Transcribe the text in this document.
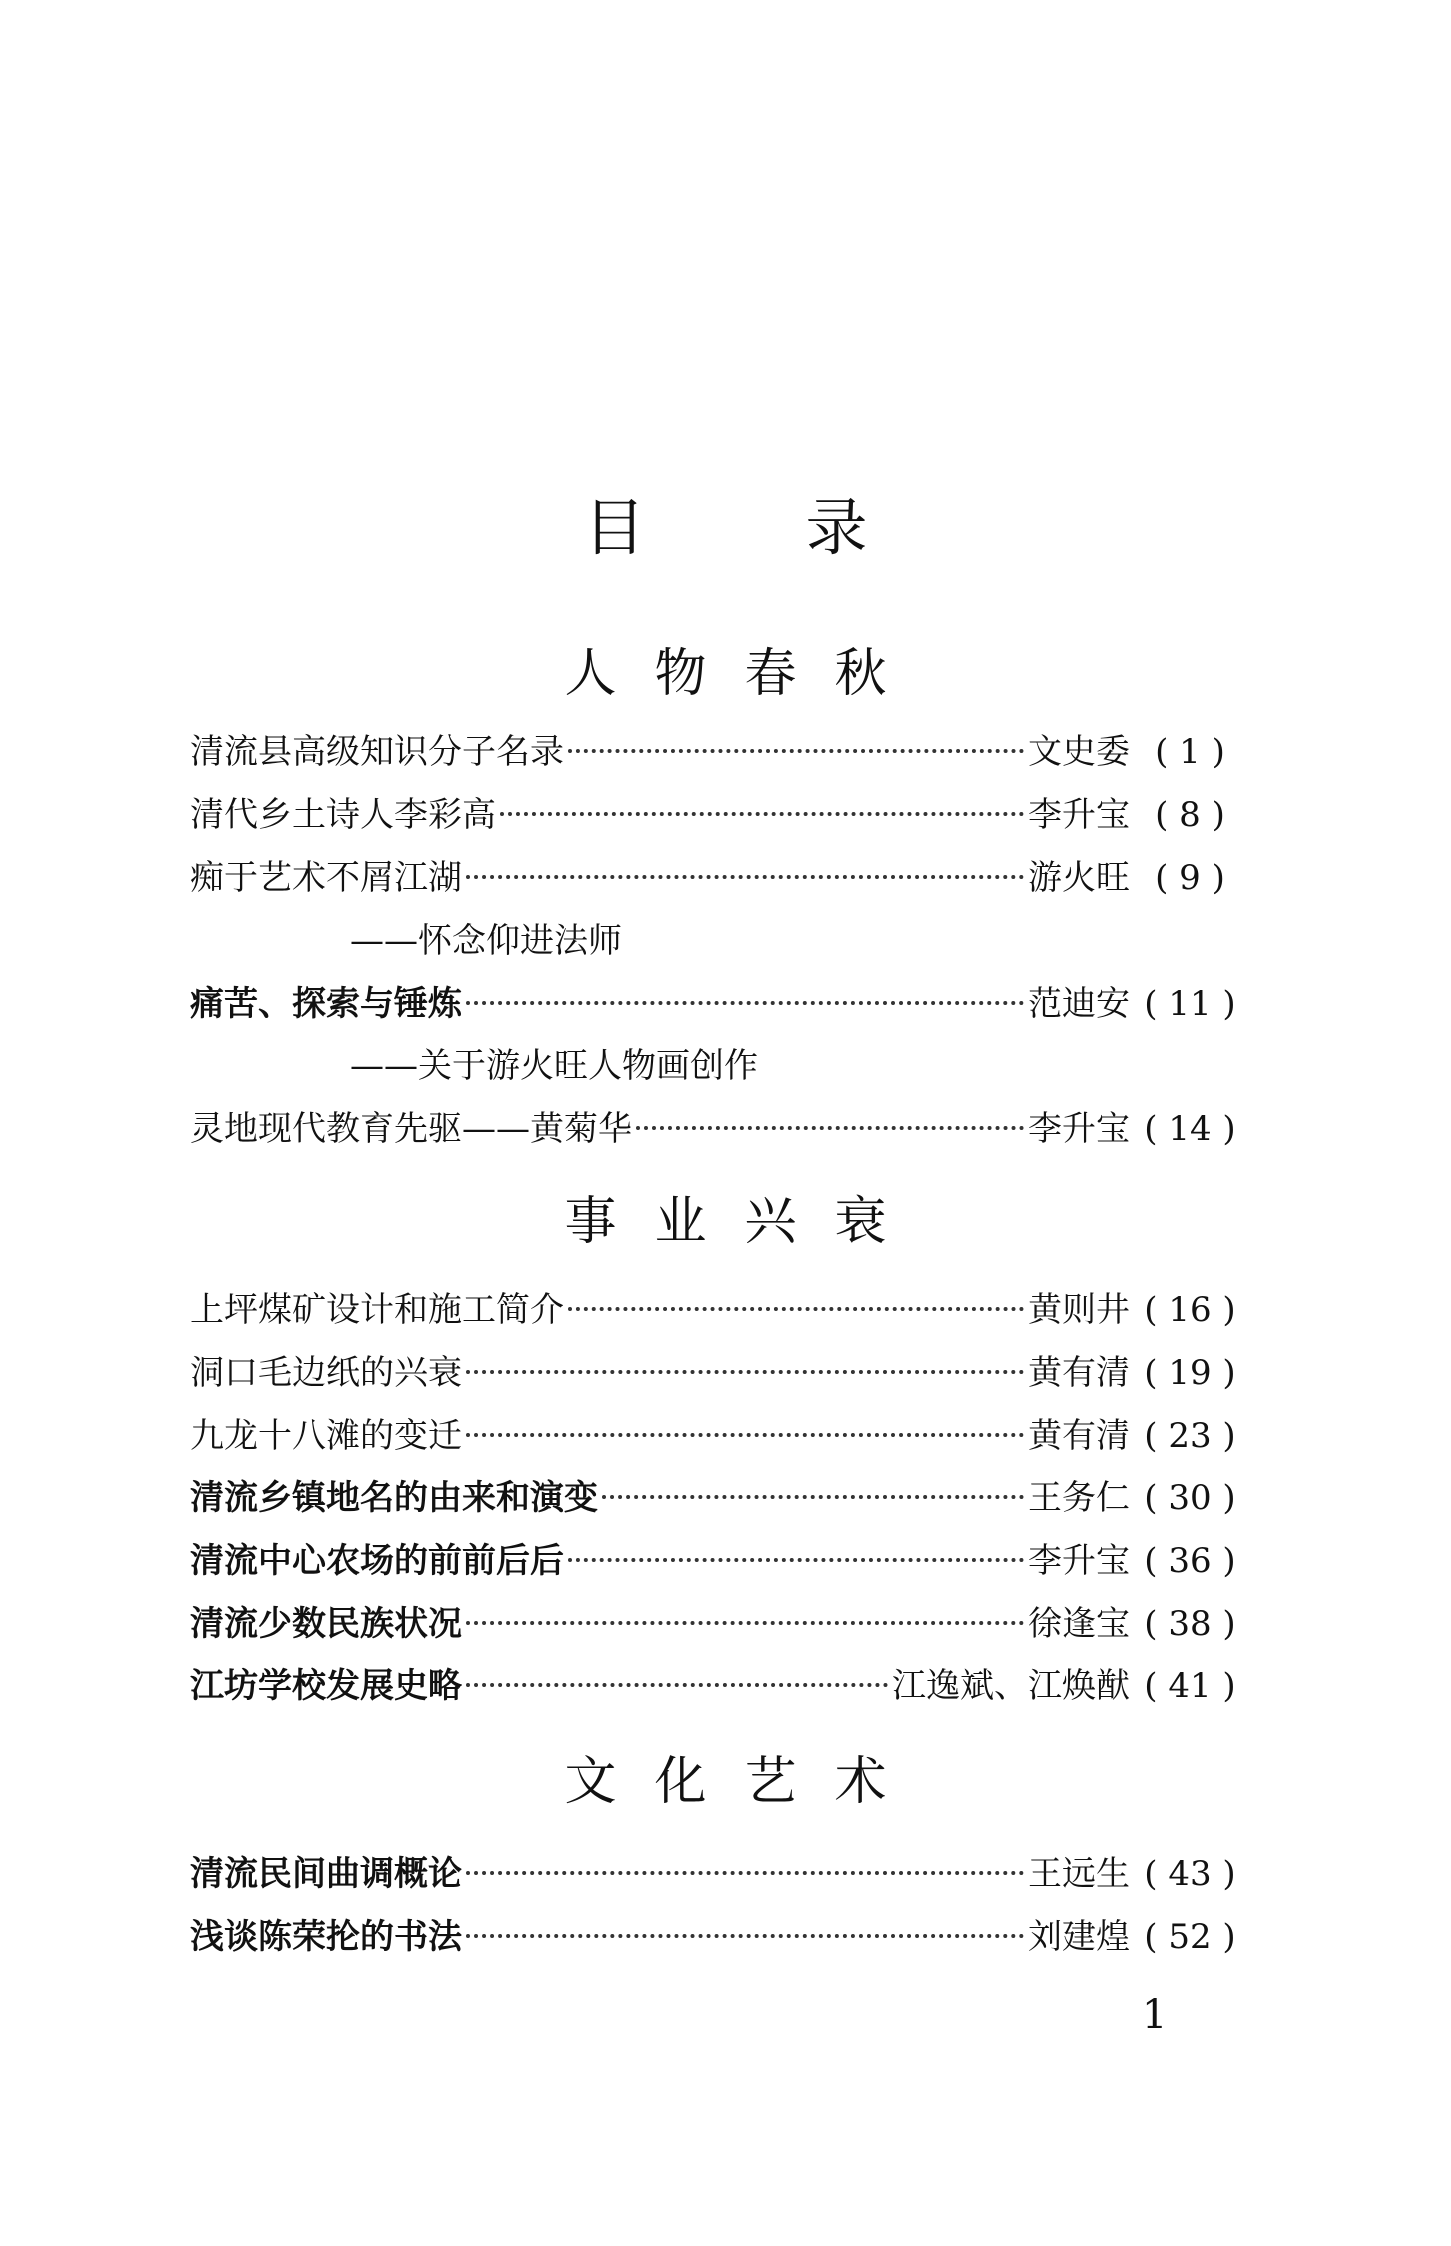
目录
人物春秋
清流县高级知识分子名录	文史委 ( 1 )
清代乡土诗人李彩高	李升宝 ( 8 )
痴于艺术不屑江湖	游火旺 ( 9 )
——怀念仰进法师
痛苦、探索与锤炼	范迪安 ( 11 )
——关于游火旺人物画创作
灵地现代教育先驱——黄菊华	李升宝 ( 14 )
事业兴衰
上坪煤矿设计和施工简介	黄则井 ( 16 )
洞口毛边纸的兴衰	黄有清 ( 19 )
九龙十八滩的变迁	黄有清 ( 23 )
清流乡镇地名的由来和演变	王务仁 ( 30 )
清流中心农场的前前后后	李升宝 ( 36 )
清流少数民族状况	徐逢宝 ( 38 )
江坊学校发展史略	江逸斌、江焕猷 ( 41 )
文化艺术
清流民间曲调概论	王远生 ( 43 )
浅谈陈荣抡的书法	刘建煌 ( 52 )
1
